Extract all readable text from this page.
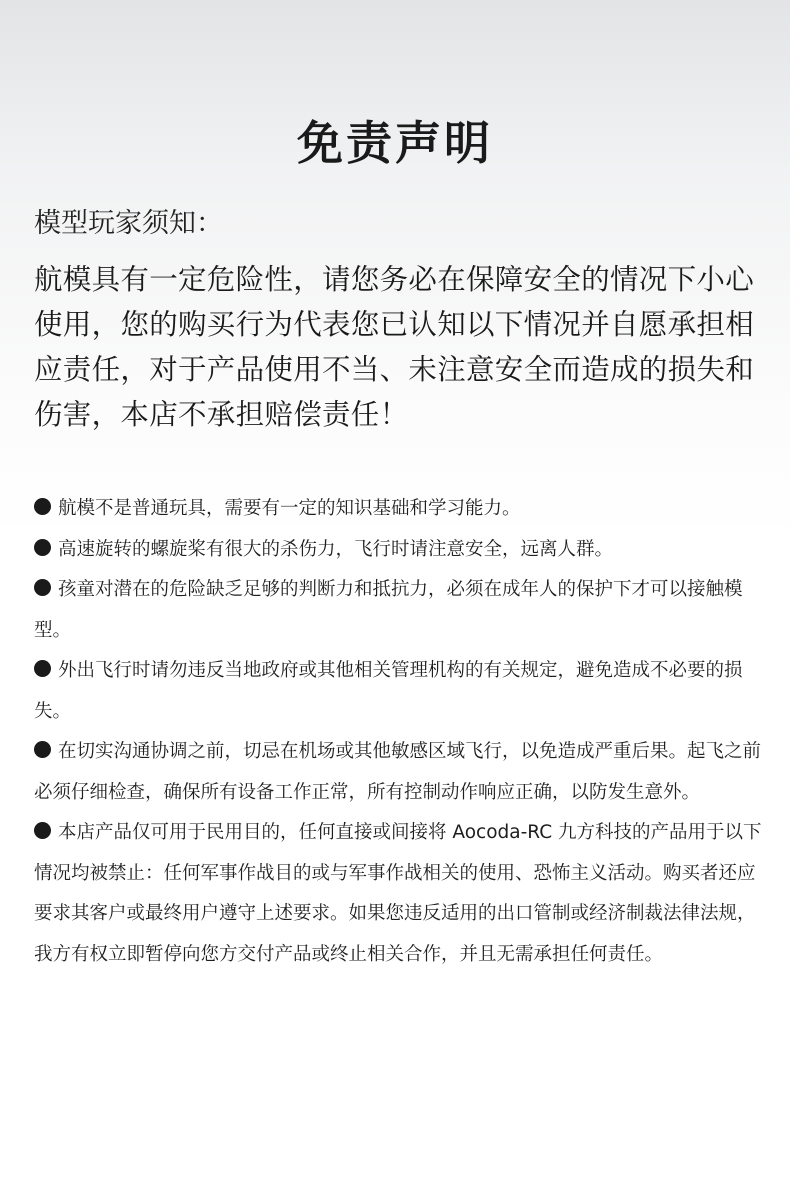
免责声明
模型玩家须知：

航模具有一定危险性，请您务必在保障安全的情况下小心使用，您的购买行为代表您已认知以下情况并自愿承担相应责任，对于产品使用不当、未注意安全而造成的损失和伤害，本店不承担赔偿责任！

航模不是普通玩具，需要有一定的知识基础和学习能力。
高速旋转的螺旋桨有很大的杀伤力，飞行时请注意安全，远离人群。
孩童对潜在的危险缺乏足够的判断力和抵抗力，必须在成年人的保护下才可以接触模型。
外出飞行时请勿违反当地政府或其他相关管理机构的有关规定，避免造成不必要的损失。
在切实沟通协调之前，切忌在机场或其他敏感区域飞行，以免造成严重后果。起飞之前必须仔细检查，确保所有设备工作正常，所有控制动作响应正确，以防发生意外。
本店产品仅可用于民用目的，任何直接或间接将 Aocoda-RC 九方科技的产品用于以下情况均被禁止：任何军事作战目的或与军事作战相关的使用、恐怖主义活动。购买者还应要求其客户或最终用户遵守上述要求。如果您违反适用的出口管制或经济制裁法律法规，我方有权立即暂停向您方交付产品或终止相关合作，并且无需承担任何责任。
